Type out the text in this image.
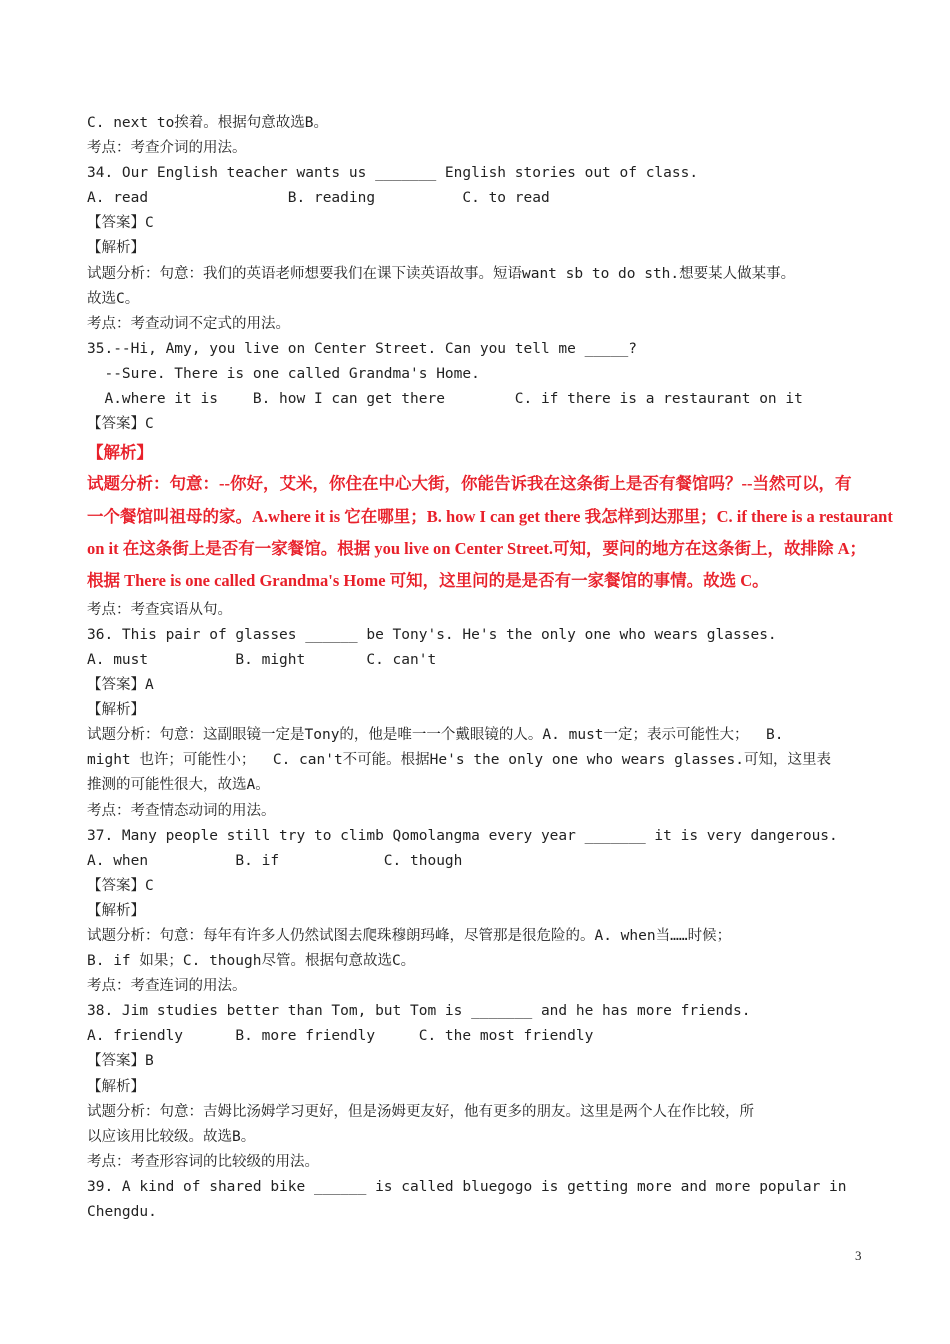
C. next to挨着。根据句意故选B。
考点：考查介词的用法。
34. Our English teacher wants us _______ English stories out of class.
A. read                B. reading          C. to read
【答案】C
【解析】
试题分析：句意：我们的英语老师想要我们在课下读英语故事。短语want sb to do sth.想要某人做某事。
故选C。
考点：考查动词不定式的用法。
35.--Hi, Amy, you live on Center Street. Can you tell me _____?
--Sure. There is one called Grandma's Home.
A.where it is    B. how I can get there        C. if there is a restaurant on it
【答案】C
【解析】
试题分析：句意：--你好，艾米，你住在中心大街，你能告诉我在这条街上是否有餐馆吗？--当然可以，有
一个餐馆叫祖母的家。A.where it is 它在哪里；B. how I can get there 我怎样到达那里；C. if there is a restaurant
on it 在这条街上是否有一家餐馆。根据 you live on Center Street.可知，要问的地方在这条街上，故排除 A；
根据 There is one called Grandma's Home 可知，这里问的是是否有一家餐馆的事情。故选 C。
考点：考查宾语从句。
36. This pair of glasses ______ be Tony's. He's the only one who wears glasses.
A. must          B. might       C. can't
【答案】A
【解析】
试题分析：句意：这副眼镜一定是Tony的，他是唯一一个戴眼镜的人。A. must一定；表示可能性大；  B.
might 也许；可能性小；  C. can't不可能。根据He's the only one who wears glasses.可知，这里表
推测的可能性很大，故选A。
考点：考查情态动词的用法。
37. Many people still try to climb Qomolangma every year _______ it is very dangerous.
A. when          B. if            C. though
【答案】C
【解析】
试题分析：句意：每年有许多人仍然试图去爬珠穆朗玛峰，尽管那是很危险的。A. when当……时候；
B. if 如果；C. though尽管。根据句意故选C。
考点：考查连词的用法。
38. Jim studies better than Tom, but Tom is _______ and he has more friends.
A. friendly      B. more friendly     C. the most friendly
【答案】B
【解析】
试题分析：句意：吉姆比汤姆学习更好，但是汤姆更友好，他有更多的朋友。这里是两个人在作比较，所
以应该用比较级。故选B。
考点：考查形容词的比较级的用法。
39. A kind of shared bike ______ is called bluegogo is getting more and more popular in
Chengdu.
3
